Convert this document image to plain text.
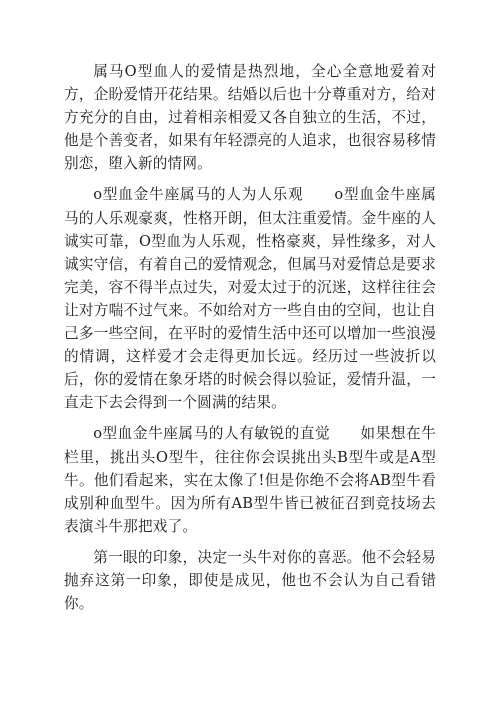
属马O型血人的爱情是热烈地，全心全意地爱着对方，企盼爱情开花结果。结婚以后也十分尊重对方，给对方充分的自由，过着相亲相爱又各自独立的生活，不过，他是个善变者，如果有年轻漂亮的人追求，也很容易移情别恋，堕入新的情网。

o型血金牛座属马的人为人乐观　　o型血金牛座属马的人乐观豪爽，性格开朗，但太注重爱情。金牛座的人诚实可靠，O型血为人乐观，性格豪爽，异性缘多，对人诚实守信，有着自己的爱情观念，但属马对爱情总是要求完美，容不得半点过失，对爱太过于的沉迷，这样往往会让对方喘不过气来。不如给对方一些自由的空间，也让自己多一些空间，在平时的爱情生活中还可以增加一些浪漫的情调，这样爱才会走得更加长远。经历过一些波折以后，你的爱情在象牙塔的时候会得以验证，爱情升温，一直走下去会得到一个圆满的结果。

o型血金牛座属马的人有敏锐的直觉　　如果想在牛栏里，挑出头O型牛，往往你会误挑出头B型牛或是A型牛。他们看起来，实在太像了!但是你绝不会将AB型牛看成别种血型牛。因为所有AB型牛皆已被征召到竞技场去表演斗牛那把戏了。

第一眼的印象，决定一头牛对你的喜恶。他不会轻易抛弃这第一印象，即使是成见，他也不会认为自己看错你。
